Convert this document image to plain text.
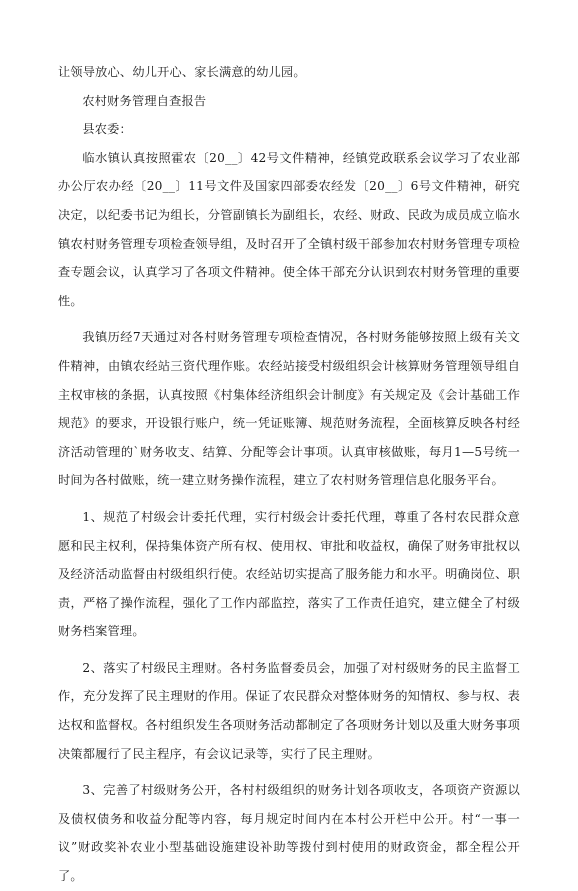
让领导放心、幼儿开心、家长满意的幼儿园。

农村财务管理自查报告

县农委：

临水镇认真按照霍农〔20__〕42号文件精神，经镇党政联系会议学习了农业部办公厅农办经〔20__〕11号文件及国家四部委农经发〔20__〕6号文件精神，研究决定，以纪委书记为组长，分管副镇长为副组长，农经、财政、民政为成员成立临水镇农村财务管理专项检查领导组，及时召开了全镇村级干部参加农村财务管理专项检查专题会议，认真学习了各项文件精神。使全体干部充分认识到农村财务管理的重要性。

我镇历经7天通过对各村财务管理专项检查情况，各村财务能够按照上级有关文件精神，由镇农经站三资代理作账。农经站接受村级组织会计核算财务管理领导组自主权审核的条据，认真按照《村集体经济组织会计制度》有关规定及《会计基础工作规范》的要求，开设银行账户，统一凭证账簿、规范财务流程，全面核算反映各村经济活动管理的`财务收支、结算、分配等会计事项。认真审核做账，每月1—5号统一时间为各村做账，统一建立财务操作流程，建立了农村财务管理信息化服务平台。

1、规范了村级会计委托代理，实行村级会计委托代理，尊重了各村农民群众意愿和民主权利，保持集体资产所有权、使用权、审批和收益权，确保了财务审批权以及经济活动监督由村级组织行使。农经站切实提高了服务能力和水平。明确岗位、职责，严格了操作流程，强化了工作内部监控，落实了工作责任追究，建立健全了村级财务档案管理。

2、落实了村级民主理财。各村务监督委员会，加强了对村级财务的民主监督工作，充分发挥了民主理财的作用。保证了农民群众对整体财务的知情权、参与权、表达权和监督权。各村组织发生各项财务活动都制定了各项财务计划以及重大财务事项决策都履行了民主程序，有会议记录等，实行了民主理财。

3、完善了村级财务公开，各村村级组织的财务计划各项收支，各项资产资源以及债权债务和收益分配等内容，每月规定时间内在本村公开栏中公开。村“一事一议”财政奖补农业小型基础设施建设补助等拨付到村使用的财政资金，都全程公开了。
